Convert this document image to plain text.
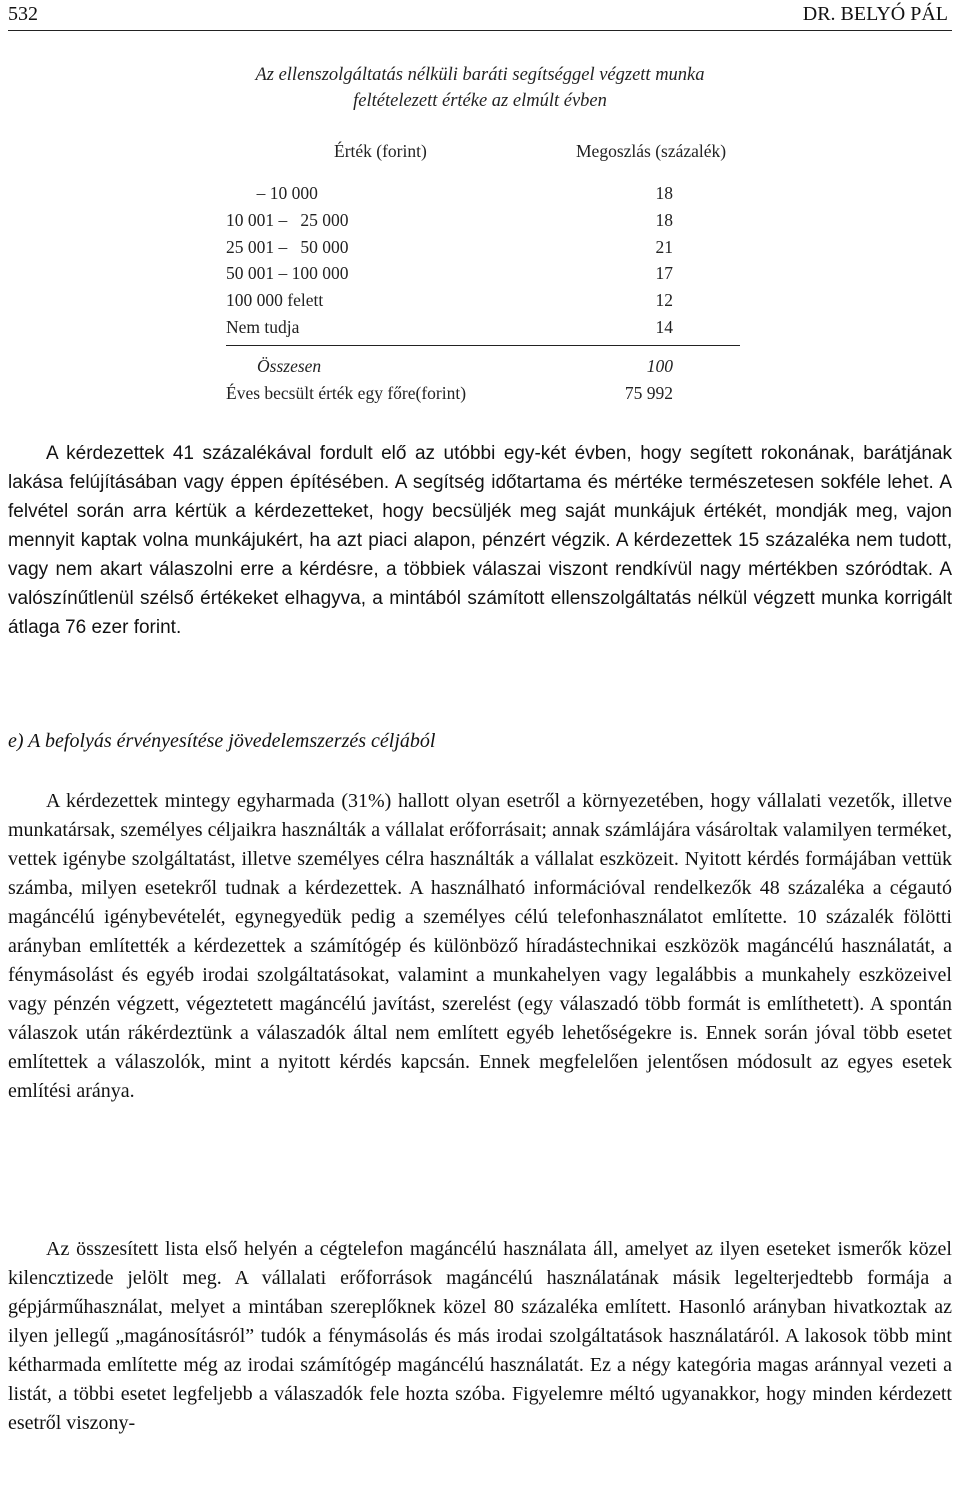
532	DR. BELYÓ PÁL
Az ellenszolgáltatás nélküli baráti segítséggel végzett munka
feltételezett értéke az elmúlt évben
Érték (forint)	Megoszlás (százalék)
– 10 000	18
10 001 –   25 000	18
25 001 –   50 000	21
50 001 – 100 000	17
100 000 felett	12
Nem tudja	14
Összesen	100
Éves becsült érték egy főre(forint)	75 992

A kérdezettek 41 százalékával fordult elő az utóbbi egy-két évben, hogy segített rokonának, barátjának lakása felújításában vagy éppen építésében. A segítség időtartama és mértéke természetesen sokféle lehet. A felvétel során arra kértük a kérdezetteket, hogy becsüljék meg saját munkájuk értékét, mondják meg, vajon mennyit kaptak volna munkájukért, ha azt piaci alapon, pénzért végzik. A kérdezettek 15 százaléka nem tudott, vagy nem akart válaszolni erre a kérdésre, a többiek válaszai viszont rendkívül nagy mértékben szóródtak. A valószínűtlenül szélső értékeket elhagyva, a mintából számított ellenszolgáltatás nélkül végzett munka korrigált átlaga 76 ezer forint.

e) A befolyás érvényesítése jövedelemszerzés céljából

A kérdezettek mintegy egyharmada (31%) hallott olyan esetről a környezetében, hogy vállalati vezetők, illetve munkatársak, személyes céljaikra használták a vállalat erőforrásait; annak számlájára vásároltak valamilyen terméket, vettek igénybe szolgáltatást, illetve személyes célra használták a vállalat eszközeit. Nyitott kérdés formájában vettük számba, milyen esetekről tudnak a kérdezettek. A használható információval rendelkezők 48 százaléka a cégautó magáncélú igénybevételét, egynegyedük pedig a személyes célú telefonhasználatot említette. 10 százalék fölötti arányban említették a kérdezettek a számítógép és különböző híradástechnikai eszközök magáncélú használatát, a fénymásolást és egyéb irodai szolgáltatásokat, valamint a munkahelyen vagy legalábbis a munkahely eszközeivel vagy pénzén végzett, végeztetett magáncélú javítást, szerelést (egy válaszadó több formát is említhetett). A spontán válaszok után rákérdeztünk a válaszadók által nem említett egyéb lehetőségekre is. Ennek során jóval több esetet említettek a válaszolók, mint a nyitott kérdés kapcsán. Ennek megfelelően jelentősen módosult az egyes esetek említési aránya.

Az összesített lista első helyén a cégtelefon magáncélú használata áll, amelyet az ilyen eseteket ismerők közel kilencztizede jelölt meg. A vállalati erőforrások magáncélú használatának másik legelterjedtebb formája a gépjárműhasználat, melyet a mintában szereplőknek közel 80 százaléka említett. Hasonló arányban hivatkoztak az ilyen jellegű „magánosításról” tudók a fénymásolás és más irodai szolgáltatások használatáról. A lakosok több mint kétharmada említette még az irodai számítógép magáncélú használatát. Ez a négy kategória magas aránnyal vezeti a listát, a többi esetet legfeljebb a válaszadók fele hozta szóba. Figyelemre méltó ugyanakkor, hogy minden kérdezett esetről viszony-
